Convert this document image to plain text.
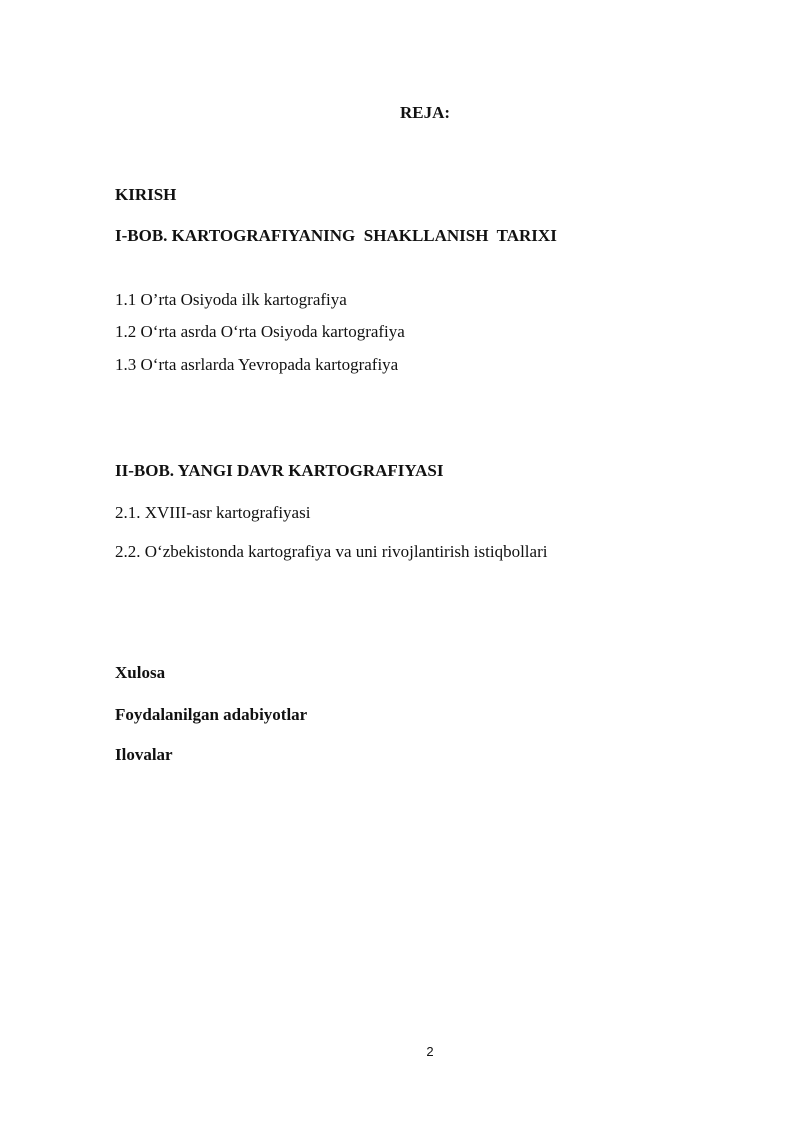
REJA:
KIRISH
I-BOB. KARTOGRAFIYANING  SHAKLLANISH  TARIXI
1.1 O’rta Osiyoda ilk kartografiya
1.2 O‘rta asrda O‘rta Osiyoda kartografiya
1.3 O‘rta asrlarda Yevropada kartografiya
II-BOB. YANGI DAVR KARTOGRAFIYASI
2.1. XVIII-asr kartografiyasi
2.2. O‘zbekistonda kartografiya va uni rivojlantirish istiqbollari
Xulosa
Foydalanilgan adabiyotlar
Ilovalar
2
